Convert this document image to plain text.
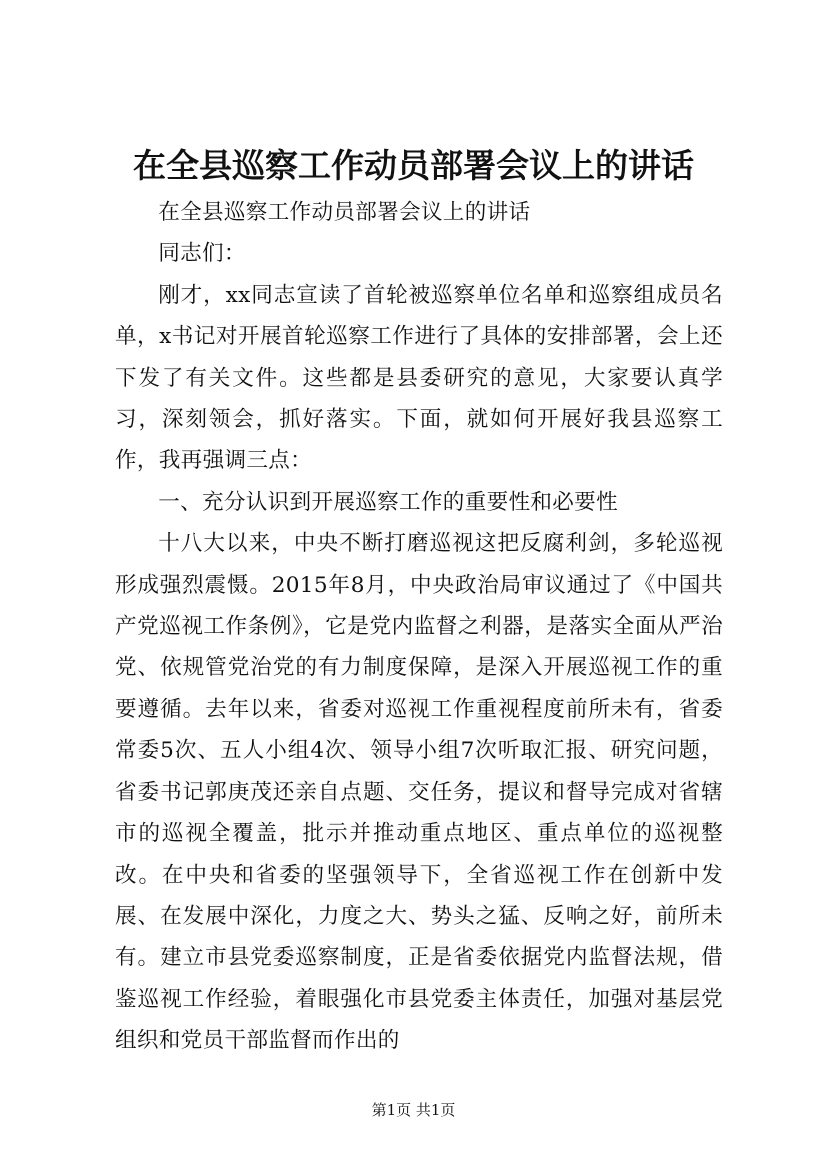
在全县巡察工作动员部署会议上的讲话

在全县巡察工作动员部署会议上的讲话

同志们：

刚才，xx同志宣读了首轮被巡察单位名单和巡察组成员名单，x书记对开展首轮巡察工作进行了具体的安排部署，会上还下发了有关文件。这些都是县委研究的意见，大家要认真学习，深刻领会，抓好落实。下面，就如何开展好我县巡察工作，我再强调三点：

一、充分认识到开展巡察工作的重要性和必要性

十八大以来，中央不断打磨巡视这把反腐利剑，多轮巡视形成强烈震慑。2015年8月，中央政治局审议通过了《中国共产党巡视工作条例》，它是党内监督之利器，是落实全面从严治党、依规管党治党的有力制度保障，是深入开展巡视工作的重要遵循。去年以来，省委对巡视工作重视程度前所未有，省委常委5次、五人小组4次、领导小组7次听取汇报、研究问题，省委书记郭庚茂还亲自点题、交任务，提议和督导完成对省辖市的巡视全覆盖，批示并推动重点地区、重点单位的巡视整改。在中央和省委的坚强领导下，全省巡视工作在创新中发展、在发展中深化，力度之大、势头之猛、反响之好，前所未有。建立市县党委巡察制度，正是省委依据党内监督法规，借鉴巡视工作经验，着眼强化市县党委主体责任，加强对基层党组织和党员干部监督而作出的

第1页 共1页
